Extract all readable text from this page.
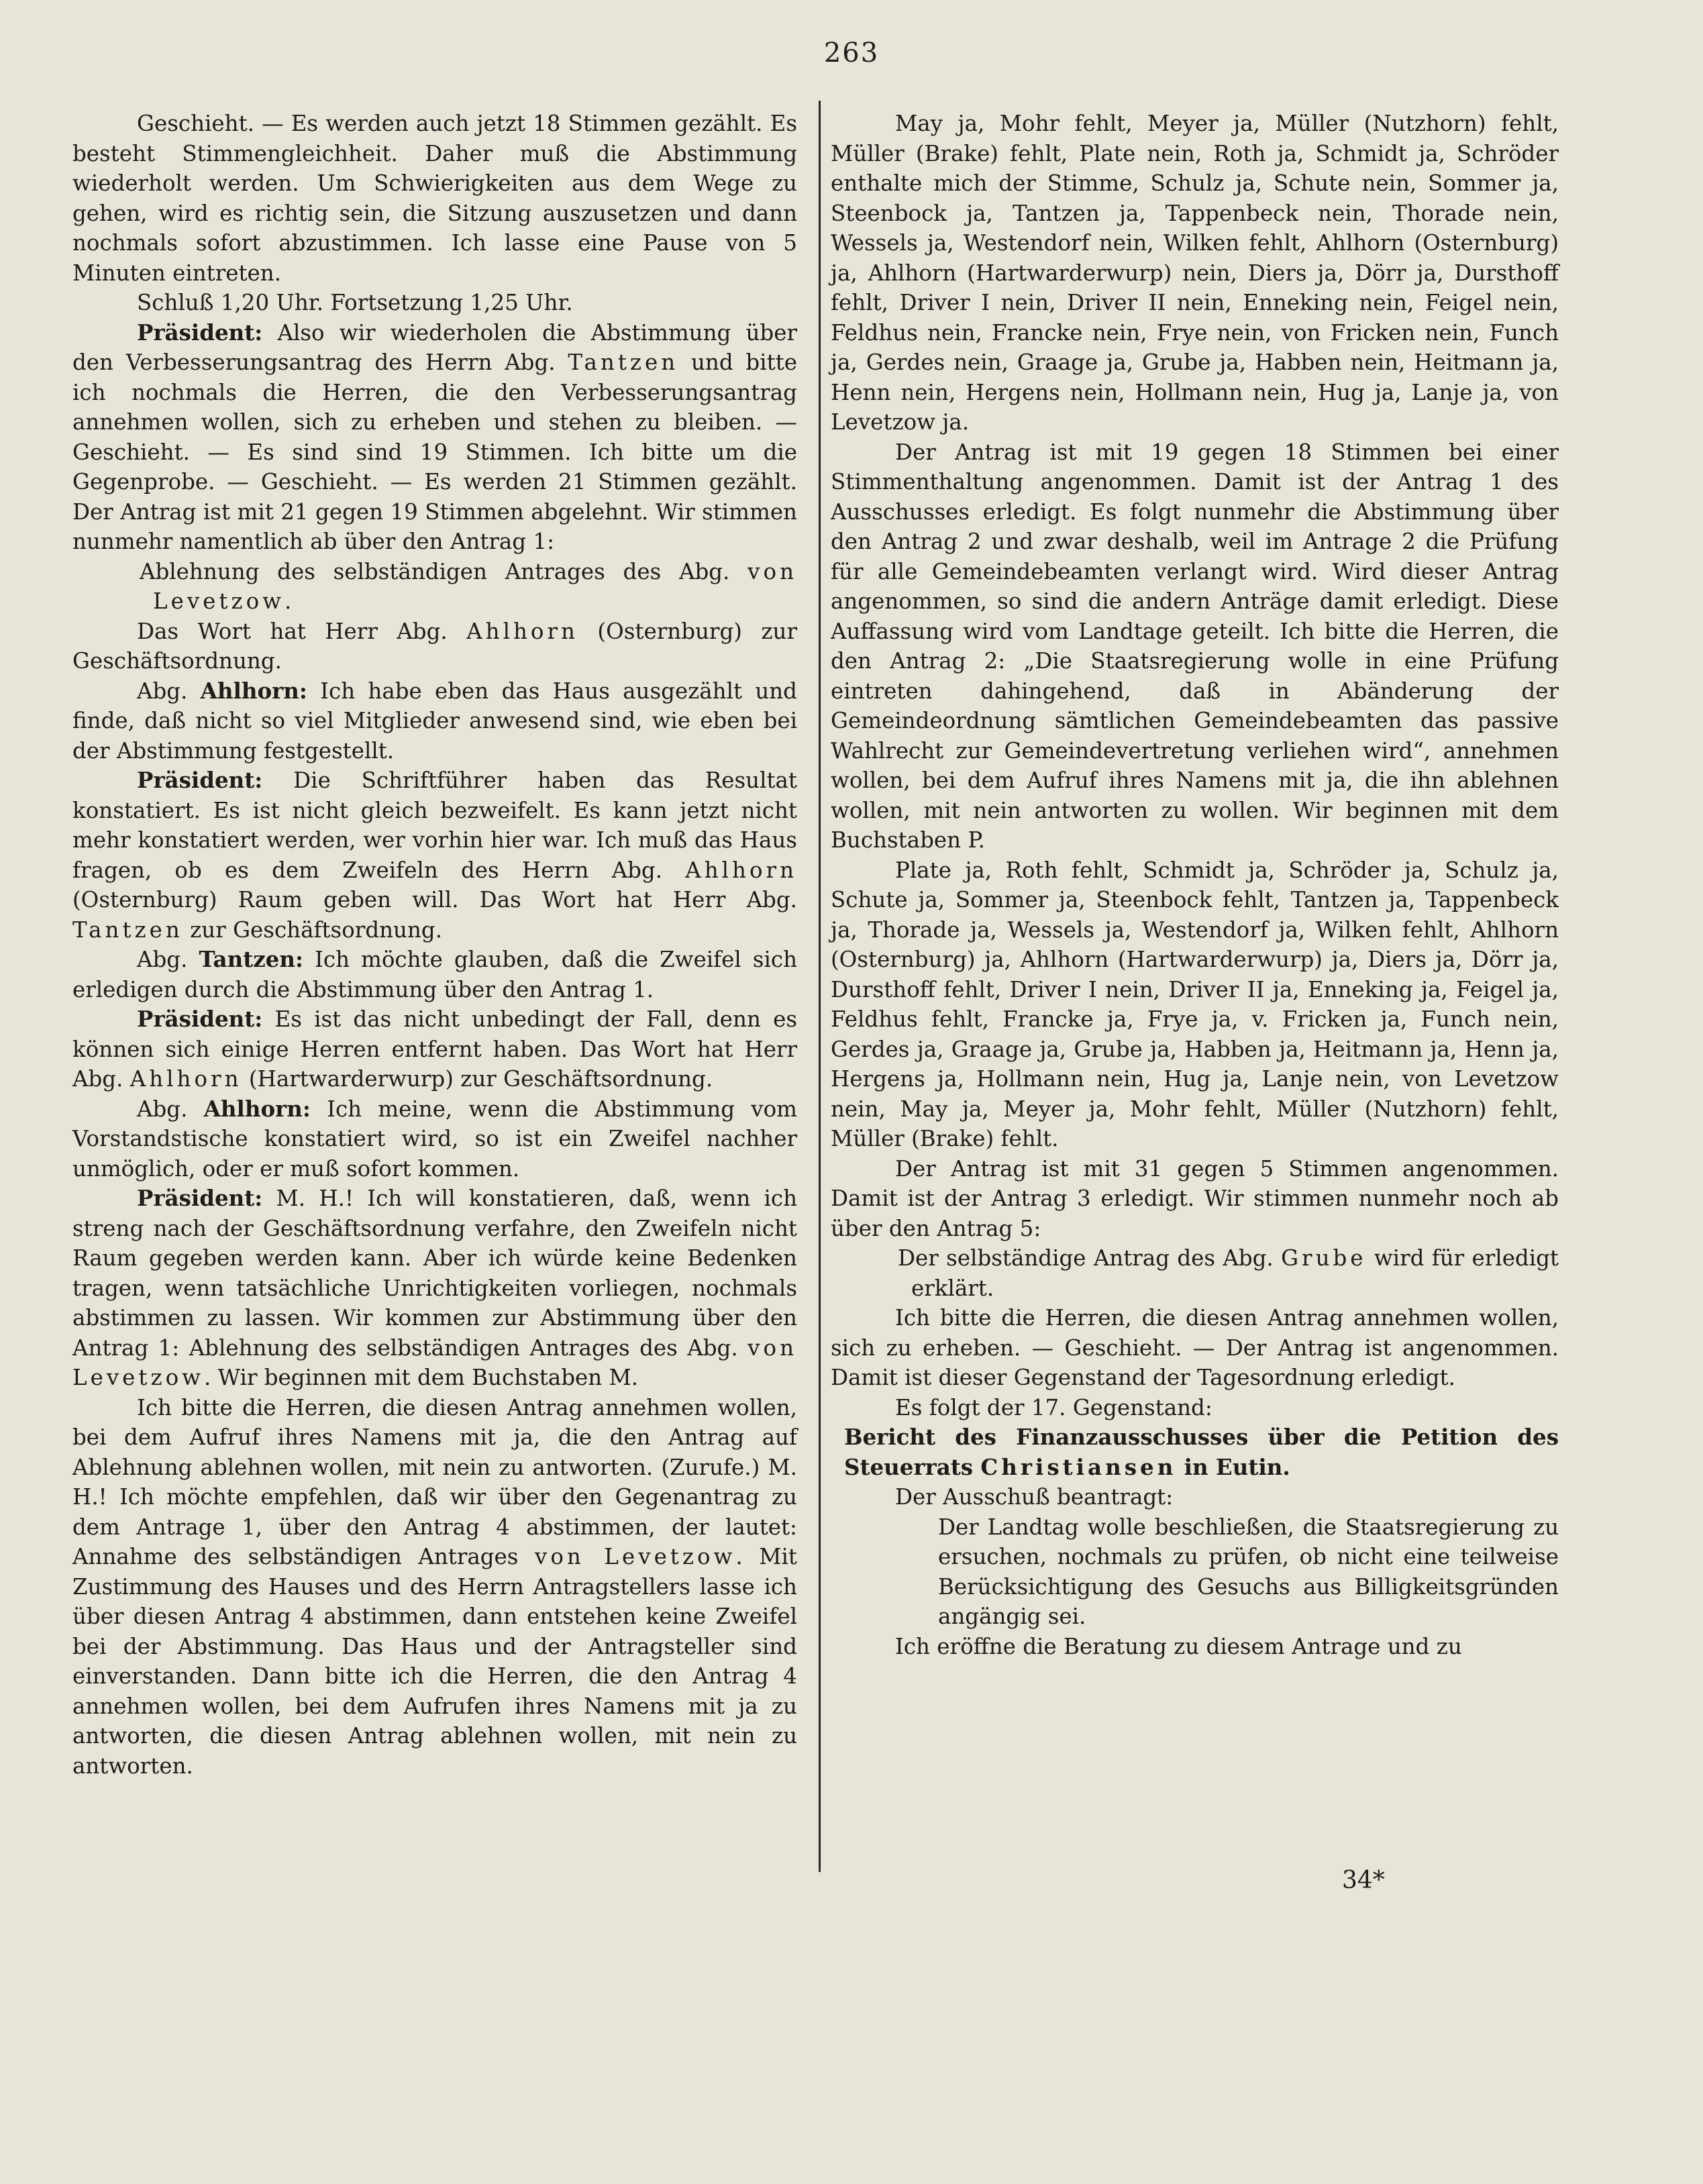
263

Geschieht. — Es werden auch jetzt 18 Stimmen gezählt. Es besteht Stimmengleichheit. Daher muß die Abstimmung wiederholt werden. Um Schwierigkeiten aus dem Wege zu gehen, wird es richtig sein, die Sitzung auszusetzen und dann nochmals sofort abzustimmen. Ich lasse eine Pause von 5 Minuten eintreten.

Schluß 1,20 Uhr. Fortsetzung 1,25 Uhr.

Präsident: Also wir wiederholen die Abstimmung über den Verbesserungsantrag des Herrn Abg. Tantzen und bitte ich nochmals die Herren, die den Verbesserungsantrag annehmen wollen, sich zu erheben und stehen zu bleiben. — Geschieht. — Es sind sind 19 Stimmen. Ich bitte um die Gegenprobe. — Geschieht. — Es werden 21 Stimmen gezählt. Der Antrag ist mit 21 gegen 19 Stimmen abgelehnt. Wir stimmen nunmehr namentlich ab über den Antrag 1:

Ablehnung des selbständigen Antrages des Abg. von Levetzow.

Das Wort hat Herr Abg. Ahlhorn (Osternburg) zur Geschäftsordnung.

Abg. Ahlhorn: Ich habe eben das Haus ausgezählt und finde, daß nicht so viel Mitglieder anwesend sind, wie eben bei der Abstimmung festgestellt.

Präsident: Die Schriftführer haben das Resultat konstatiert. Es ist nicht gleich bezweifelt. Es kann jetzt nicht mehr konstatiert werden, wer vorhin hier war. Ich muß das Haus fragen, ob es dem Zweifeln des Herrn Abg. Ahlhorn (Osternburg) Raum geben will. Das Wort hat Herr Abg. Tantzen zur Geschäftsordnung.

Abg. Tantzen: Ich möchte glauben, daß die Zweifel sich erledigen durch die Abstimmung über den Antrag 1.

Präsident: Es ist das nicht unbedingt der Fall, denn es können sich einige Herren entfernt haben. Das Wort hat Herr Abg. Ahlhorn (Hartwarderwurp) zur Geschäftsordnung.

Abg. Ahlhorn: Ich meine, wenn die Abstimmung vom Vorstandstische konstatiert wird, so ist ein Zweifel nachher unmöglich, oder er muß sofort kommen.

Präsident: M. H.! Ich will konstatieren, daß, wenn ich streng nach der Geschäftsordnung verfahre, den Zweifeln nicht Raum gegeben werden kann. Aber ich würde keine Bedenken tragen, wenn tatsächliche Unrichtigkeiten vorliegen, nochmals abstimmen zu lassen. Wir kommen zur Abstimmung über den Antrag 1: Ablehnung des selbständigen Antrages des Abg. von Levetzow. Wir beginnen mit dem Buchstaben M.

Ich bitte die Herren, die diesen Antrag annehmen wollen, bei dem Aufruf ihres Namens mit ja, die den Antrag auf Ablehnung ablehnen wollen, mit nein zu antworten. (Zurufe.) M. H.! Ich möchte empfehlen, daß wir über den Gegenantrag zu dem Antrage 1, über den Antrag 4 abstimmen, der lautet: Annahme des selbständigen Antrages von Levetzow. Mit Zustimmung des Hauses und des Herrn Antragstellers lasse ich über diesen Antrag 4 abstimmen, dann entstehen keine Zweifel bei der Abstimmung. Das Haus und der Antragsteller sind einverstanden. Dann bitte ich die Herren, die den Antrag 4 annehmen wollen, bei dem Aufrufen ihres Namens mit ja zu antworten, die diesen Antrag ablehnen wollen, mit nein zu antworten.

May ja, Mohr fehlt, Meyer ja, Müller (Nutzhorn) fehlt, Müller (Brake) fehlt, Plate nein, Roth ja, Schmidt ja, Schröder enthalte mich der Stimme, Schulz ja, Schute nein, Sommer ja, Steenbock ja, Tantzen ja, Tappenbeck nein, Thorade nein, Wessels ja, Westendorf nein, Wilken fehlt, Ahlhorn (Osternburg) ja, Ahlhorn (Hartwarderwurp) nein, Diers ja, Dörr ja, Dursthoff fehlt, Driver I nein, Driver II nein, Enneking nein, Feigel nein, Feldhus nein, Francke nein, Frye nein, von Fricken nein, Funch ja, Gerdes nein, Graage ja, Grube ja, Habben nein, Heitmann ja, Henn nein, Hergens nein, Hollmann nein, Hug ja, Lanje ja, von Levetzow ja.

Der Antrag ist mit 19 gegen 18 Stimmen bei einer Stimmenthaltung angenommen. Damit ist der Antrag 1 des Ausschusses erledigt. Es folgt nunmehr die Abstimmung über den Antrag 2 und zwar deshalb, weil im Antrage 2 die Prüfung für alle Gemeindebeamten verlangt wird. Wird dieser Antrag angenommen, so sind die andern Anträge damit erledigt. Diese Auffassung wird vom Landtage geteilt. Ich bitte die Herren, die den Antrag 2: „Die Staatsregierung wolle in eine Prüfung eintreten dahingehend, daß in Abänderung der Gemeindeordnung sämtlichen Gemeindebeamten das passive Wahlrecht zur Gemeindevertretung verliehen wird“, annehmen wollen, bei dem Aufruf ihres Namens mit ja, die ihn ablehnen wollen, mit nein antworten zu wollen. Wir beginnen mit dem Buchstaben P.

Plate ja, Roth fehlt, Schmidt ja, Schröder ja, Schulz ja, Schute ja, Sommer ja, Steenbock fehlt, Tantzen ja, Tappenbeck ja, Thorade ja, Wessels ja, Westendorf ja, Wilken fehlt, Ahlhorn (Osternburg) ja, Ahlhorn (Hartwarderwurp) ja, Diers ja, Dörr ja, Dursthoff fehlt, Driver I nein, Driver II ja, Enneking ja, Feigel ja, Feldhus fehlt, Francke ja, Frye ja, v. Fricken ja, Funch nein, Gerdes ja, Graage ja, Grube ja, Habben ja, Heitmann ja, Henn ja, Hergens ja, Hollmann nein, Hug ja, Lanje nein, von Levetzow nein, May ja, Meyer ja, Mohr fehlt, Müller (Nutzhorn) fehlt, Müller (Brake) fehlt.

Der Antrag ist mit 31 gegen 5 Stimmen angenommen. Damit ist der Antrag 3 erledigt. Wir stimmen nunmehr noch ab über den Antrag 5:

Der selbständige Antrag des Abg. Grube wird für erledigt erklärt.

Ich bitte die Herren, die diesen Antrag annehmen wollen, sich zu erheben. — Geschieht. — Der Antrag ist angenommen. Damit ist dieser Gegenstand der Tagesordnung erledigt.

Es folgt der 17. Gegenstand:

Bericht des Finanzausschusses über die Petition des Steuerrats Christiansen in Eutin.

Der Ausschuß beantragt:

Der Landtag wolle beschließen, die Staatsregierung zu ersuchen, nochmals zu prüfen, ob nicht eine teilweise Berücksichtigung des Gesuchs aus Billigkeitsgründen angängig sei.

Ich eröffne die Beratung zu diesem Antrage und zu

34*
